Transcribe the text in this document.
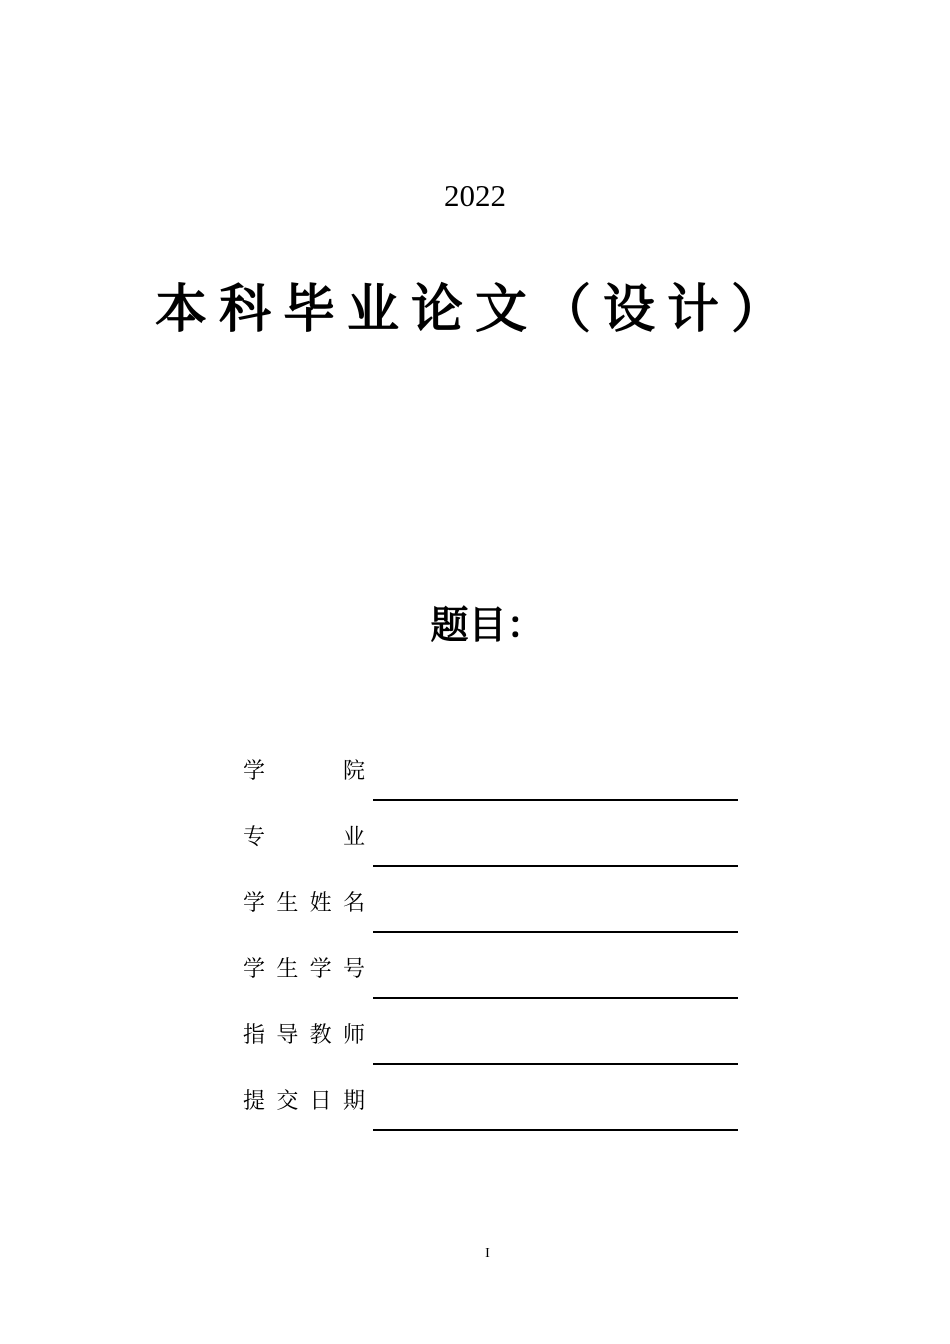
2022
本科毕业论文（设计）
题目：
学　　院
专　　业
学生姓名
学生学号
指导教师
提交日期
I
